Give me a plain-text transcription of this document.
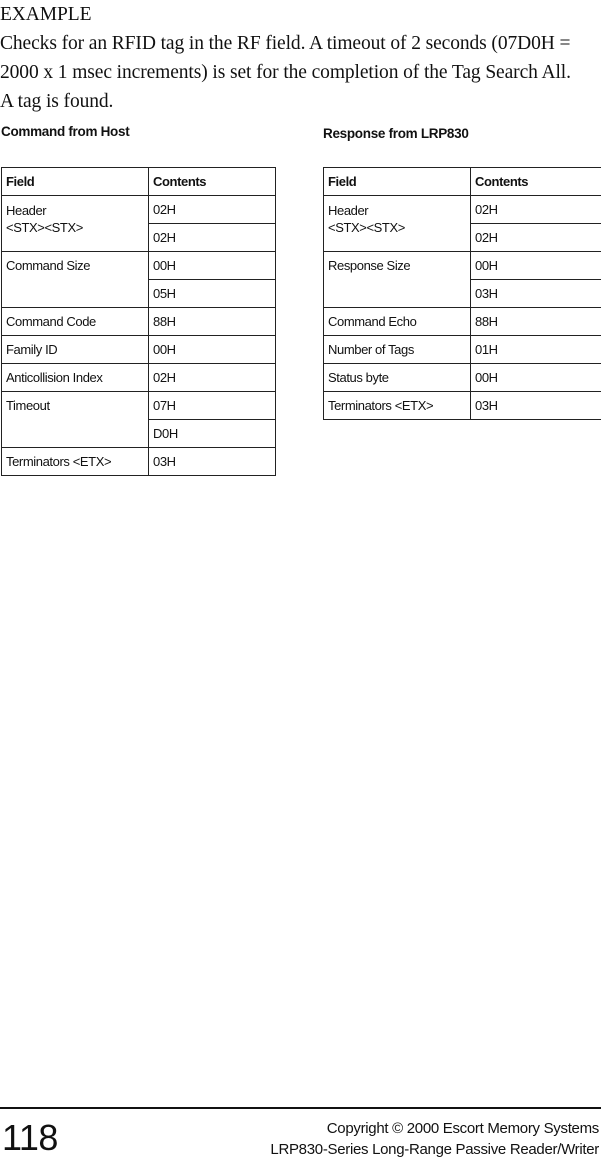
EXAMPLE
Checks for an RFID tag in the RF field. A timeout of 2 seconds (07D0H =
2000 x 1 msec increments) is set for the completion of the Tag Search All.
A tag is found.
Command from Host	Response from LRP830
Field	Contents
Header
<STX><STX>	02H
	02H
Command Size	00H
	05H
Command Code	88H
Family ID	00H
Anticollision Index	02H
Timeout	07H
	D0H
Terminators <ETX>	03H
Field	Contents
Header
<STX><STX>	02H
	02H
Response Size	00H
	03H
Command Echo	88H
Number of Tags	01H
Status byte	00H
Terminators <ETX>	03H
118	Copyright © 2000 Escort Memory Systems
LRP830-Series Long-Range Passive Reader/Writer
